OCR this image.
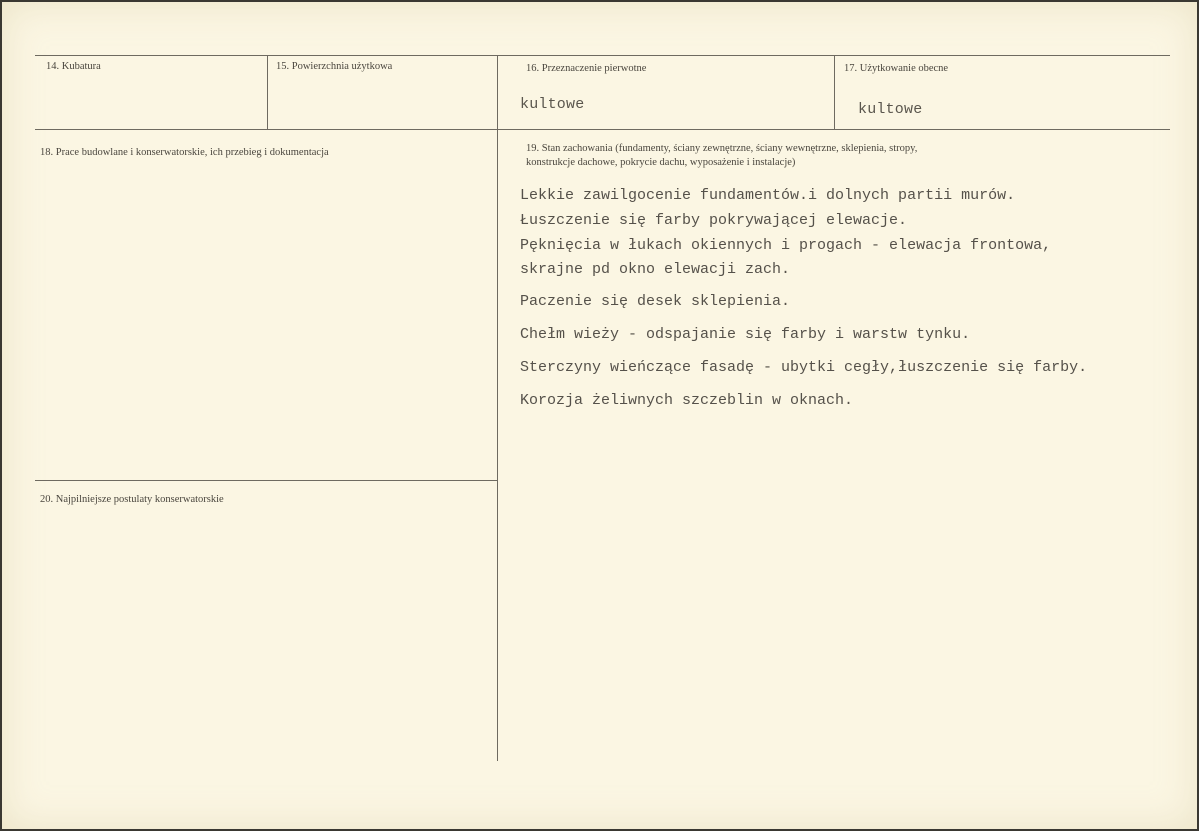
14. Kubatura	15. Powierzchnia użytkowa	16. Przeznaczenie pierwotne
kultowe
17. Użytkowanie obecne
kultowe
18. Prace budowlane i konserwatorskie, ich przebieg i dokumentacja	19. Stan zachowania (fundamenty, ściany zewnętrzne, ściany wewnętrzne, sklepienia, stropy,
konstrukcje dachowe, pokrycie dachu, wyposażenie i instalacje)
Lekkie zawilgocenie fundamentów.i dolnych partii murów.
Łuszczenie się farby pokrywającej elewacje.
Pęknięcia w łukach okiennych i progach - elewacja frontowa,
skrajne pd okno elewacji zach.
Paczenie się desek sklepienia.
Chełm wieży - odspajanie się farby i warstw tynku.
Sterczyny wieńczące fasadę - ubytki cegły,łuszczenie się farby.
Korozja żeliwnych szczeblin w oknach.
20. Najpilniejsze postulaty konserwatorskie
